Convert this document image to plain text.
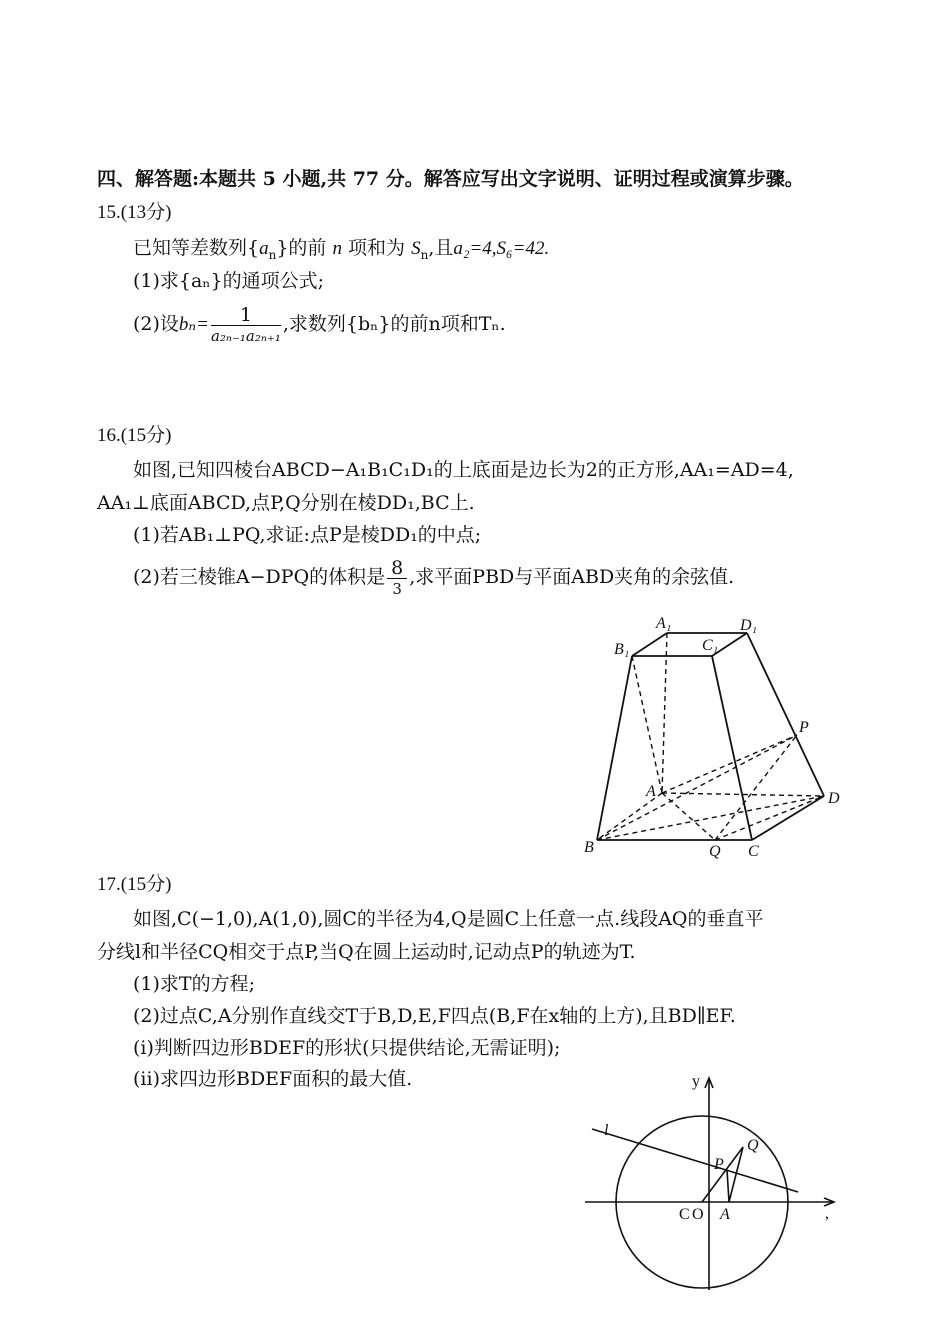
四、解答题:本题共 5 小题,共 77 分。解答应写出文字说明、证明过程或演算步骤。
15.(13分)
已知等差数列$\{a_n\}$的前 n 项和为 $S_n$,且a₂=4,S₆=42.
(1)求{aₙ}的通项公式;
(2)设$b_n= \frac{1}{\text{a₂ₙ₋₁a₂ₙ₊₁}}$ ,求数列{bₙ}的前n项和Tₙ.
16.(15分)
如图,已知四棱台ABCD−A₁B₁C₁D₁的上底面是边长为2的正方形,AA₁=AD=4,
AA₁⊥底面ABCD,点P,Q分别在棱DD₁,BC上.
(1)若AB₁⊥PQ,求证:点P是棱DD₁的中点;
(2)若三棱锥A−DPQ的体积是 $\frac{8}{3}$ ,求平面PBD与平面ABD夹角的余弦值.
A₁	D₁
B₁	C₁
P
A	D
B	Q C
17.(15分)
如图,C(−1,0),A(1,0),圆C的半径为4,Q是圆C上任意一点.线段AQ的垂直平
分线l和半径CQ相交于点P,当Q在圆上运动时,记动点P的轨迹为T.
(1)求T的方程;
(2)过点C,A分别作直线交T于B,D,E,F四点(B,F在x轴的上方),且BD∥EF.
(i)判断四边形BDEF的形状(只提供结论,无需证明);
(ii)求四边形BDEF面积的最大值.	y
,
l
Q
P
C O A
